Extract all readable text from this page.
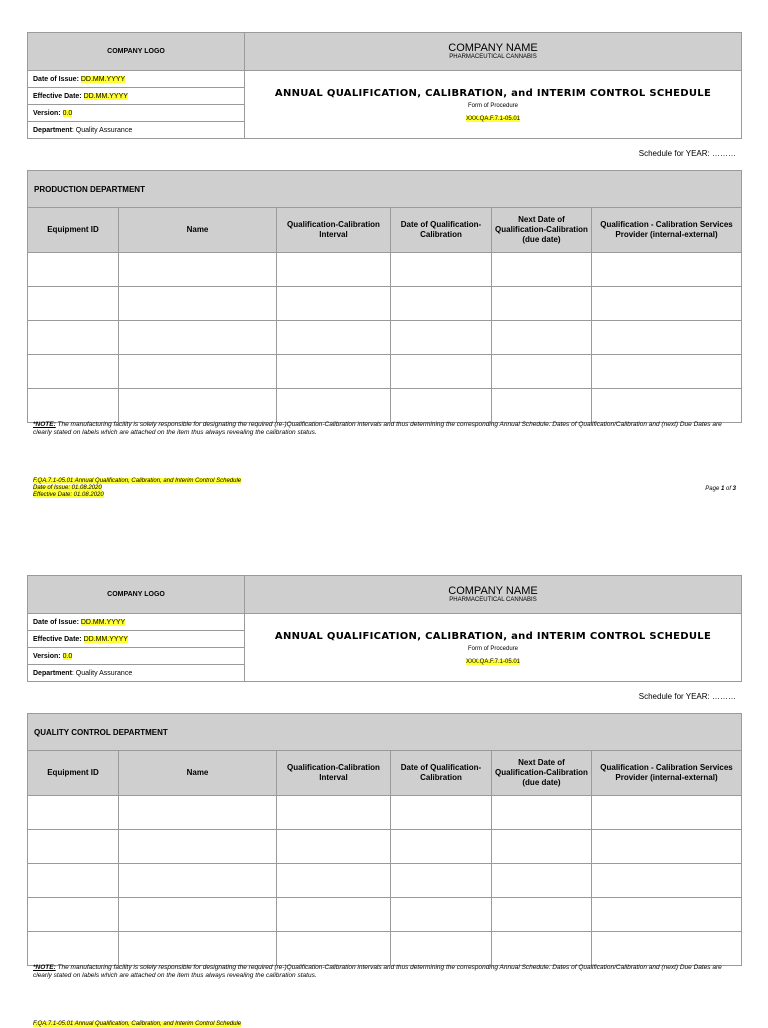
COMPANY LOGO	COMPANY NAME
PHARMACEUTICAL CANNABIS

Date of Issue: DD.MM.YYYY	ANNUAL QUALIFICATION, CALIBRATION, and INTERIM CONTROL SCHEDULE
Form of Procedure
XXX.QA.F.7.1-05.01

Effective Date: DD.MM.YYYY	
Version: 0.0	
Department: Quality Assurance	
Schedule for YEAR: ………
PRODUCTION DEPARTMENT					
Equipment ID	Name	Qualification-Calibration Interval	Date of Qualification-Calibration	Next Date of Qualification-Calibration (due date)	Qualification - Calibration Services Provider (internal-external)

*NOTE: The manufacturing facility is solely responsible for designating the required (re-)Qualification-Calibration intervals and thus determining the corresponding Annual Schedule. Dates of Qualification/Calibration and (next) Due Dates are clearly stated on labels which are attached on the item thus always revealing the calibration status.
F.QA.7.1-05.01 Annual Qualification, Calibration, and Interim Control Schedule
Date of Issue: 01.08.2020
Effective Date: 01.08.2020
Page 1 of 3
COMPANY LOGO	COMPANY NAME
PHARMACEUTICAL CANNABIS

Date of Issue: DD.MM.YYYY	ANNUAL QUALIFICATION, CALIBRATION, and INTERIM CONTROL SCHEDULE
Form of Procedure
XXX.QA.F.7.1-05.01

Effective Date: DD.MM.YYYY	
Version: 0.0	
Department: Quality Assurance	
Schedule for YEAR: ………
QUALITY CONTROL DEPARTMENT					
Equipment ID	Name	Qualification-Calibration Interval	Date of Qualification-Calibration	Next Date of Qualification-Calibration (due date)	Qualification - Calibration Services Provider (internal-external)

*NOTE: The manufacturing facility is solely responsible for designating the required (re-)Qualification-Calibration intervals and thus determining the corresponding Annual Schedule. Dates of Qualification/Calibration and (next) Due Dates are clearly stated on labels which are attached on the item thus always revealing the calibration status.
F.QA.7.1-05.01 Annual Qualification, Calibration, and Interim Control Schedule
